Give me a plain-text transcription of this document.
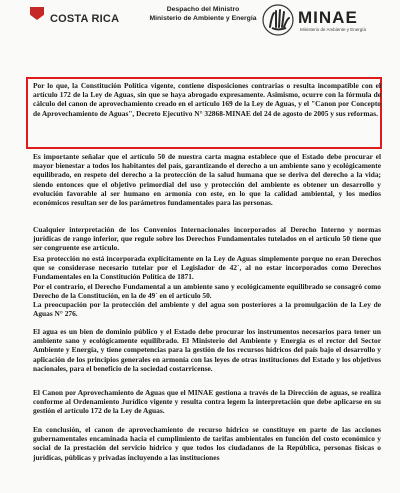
COSTA RICA
Despacho del Ministro
Ministerio de Ambiente y Energía MINAE
Ministerio de Ambiente y Energía

Por lo que, la Constitución Política vigente, contiene disposiciones contrarias o resulta incompatible con el artículo 172 de la Ley de Aguas, sin que se haya abrogado expresamente. Asimismo, ocurre con la fórmula de cálculo del canon de aprovechamiento creado en el artículo 169 de la Ley de Aguas, y el "Canon por Concepto de Aprovechamiento de Aguas", Decreto Ejecutivo N° 32868-MINAE del 24 de agosto de 2005 y sus reformas.

Es importante señalar que el artículo 50 de nuestra carta magna establece que el Estado debe procurar el mayor bienestar a todos los habitantes del país, garantizando el derecho a un ambiente sano y ecológicamente equilibrado, en respeto del derecho a la protección de la salud humana que se deriva del derecho a la vida; siendo entonces que el objetivo primordial del uso y protección del ambiente es obtener un desarrollo y evolución favorable al ser humano en armonía con este, en lo que la calidad ambiental, y los medios económicos resultan ser de los parámetros fundamentales para las personas.

Cualquier interpretación de los Convenios Internacionales incorporados al Derecho Interno y normas jurídicas de rango inferior, que regule sobre los Derechos Fundamentales tutelados en el artículo 50 tiene que ser congruente ese artículo.

Esa protección no está incorporada explícitamente en la Ley de Aguas simplemente porque no eran Derechos que se considerase necesario tutelar por el Legislador de 42´, al no estar incorporados como Derechos Fundamentales en la Constitución Política de 1871.

Por el contrario, el Derecho Fundamental a un ambiente sano y ecológicamente equilibrado se consagró como Derecho de la Constitución, en la de 49´ en el artículo 50.

La preocupación por la protección del ambiente y del agua son posteriores a la promulgación de la Ley de Aguas N° 276.

El agua es un bien de dominio público y el Estado debe procurar los instrumentos necesarios para tener un ambiente sano y ecológicamente equilibrado. El Ministerio del Ambiente y Energía es el rector del Sector Ambiente y Energía, y tiene competencias para la gestión de los recursos hídricos del país bajo el desarrollo y aplicación de los principios generales en armonía con las leyes de otras instituciones del Estado y los objetivos nacionales, para el beneficio de la sociedad costarricense.

El Canon por Aprovechamiento de Aguas que el MINAE gestiona a través de la Dirección de aguas, se realiza conforme al Ordenamiento Jurídico vigente y resulta contra legem la interpretación que debe aplicarse en su gestión el artículo 172 de la Ley de Aguas.

En conclusión, el canon de aprovechamiento de recurso hídrico se constituye en parte de las acciones gubernamentales encaminada hacia el cumplimiento de tarifas ambientales en función del costo económico y social de la prestación del servicio hídrico y que todos los ciudadanos de la República, personas físicas o jurídicas, públicas y privadas incluyendo a las instituciones
